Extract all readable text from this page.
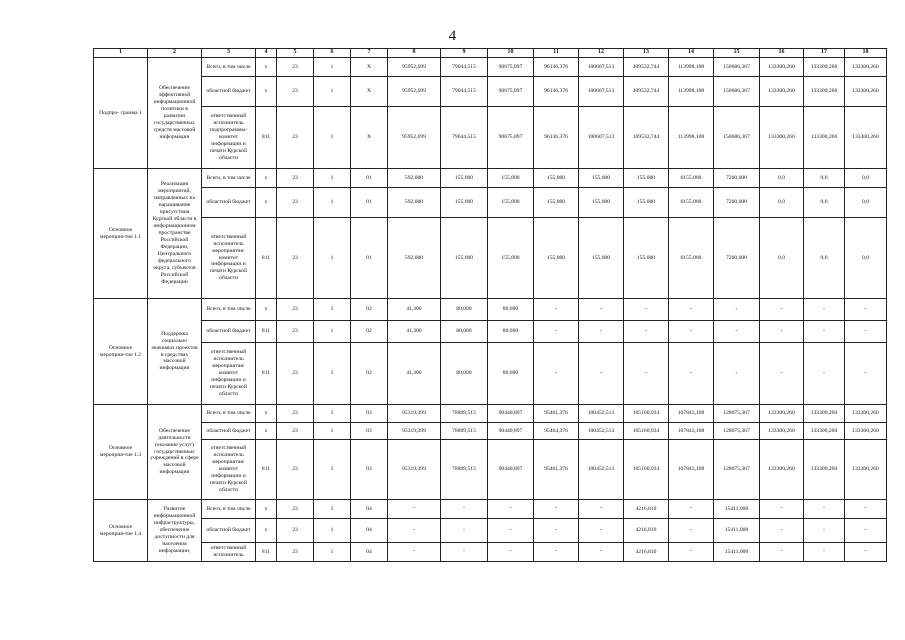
4
1	2	3	4	5	6	7	8	9	10	11	12	13	14	15	16	17	18
Подпро- грамма 1	Обеспечение эффективной информационной политики в развитии государственных средств массовой информации	Всего, в том числе	x	23	1	Х	95952,699	79044,515	90675,897	96136,376	100607,513	109532,744	113998,108	150686,367	133300,260	133300,260	133300,260
		областной бюджет	x	23	1	Х	95952,699	79044,515	90675,897	96136,376	100607,513	109532,744	113998,108	150686,367	133300,260	133300,260	133300,260
		ответственный исполнитель подпрограммы-комитет информации и печати Курской области	811	23	1	Х	95952,699	79044,515	90675,897	96136,376	100607,513	109532,744	113998,108	150686,367	133300,260	133300,260	133300,260
Основное мероприя-тие 1.1	Реализация мероприятий, направленных на наращивание присутствия Курской области в информационном пространстве Российской Федерации, Центрального федерального округа, субъектов Российской Федерации	Всего, в том числе	x	23	1	01	592,000	155,000	155,000	155,000	155,000	155,000	6155,000	7200,000	0,0	0,0	0,0
		областной бюджет	x	23	1	01	592,000	155,000	155,000	155,000	155,000	155,000	6155,000	7200,000	0,0	0,0	0,0
		ответственный исполнитель мероприятия-комитет информации и печати Курской области	811	23	1	01	592,000	155,000	155,000	155,000	155,000	155,000	6155,000	7200,000	0,0	0,0	0,0
Основное мероприя-тие 1.2	Поддержка социально значимых проектов в средствах массовой информации	Всего, в том числе	x	23	1	02	41,300	80,000	80,000	-	-	-	-	-	-	-	-
		областной бюджет	811	23	1	02	41,300	80,000	80,000	-	-	-	-	-	-	-	-
		ответственный исполнитель мероприятия-комитет информации и печати Курской области	811	23	1	02	41,300	80,000	80,000	-	-	-	-	-	-	-	-
Основное мероприя-тие 1.3	Обеспечение деятельности (оказание услуг) государственных учреждений в сфере массовой информации	Всего, в том числе	x	23	1	03	95319,399	78809,515	90440,897	95461,376	100452,513	105160,934	107843,108	128075,367	133300,260	133300,260	133300,260
		областной бюджет	x	23	1	03	95319,399	78809,515	90440,897	95464,376	100452,513	105160,934	107843,108	128075,367	133300,260	133300,260	133300,260
		ответственный исполнитель мероприятия-комитет информации и печати Курской области	811	23	1	03	95319,399	78809,515	90440,897	95461,376	100452,513	105160,934	107843,108	128075,367	133300,260	133300,260	133300,260
Основное мероприя-тие 1.4	Развитие информационной инфраструктуры, обеспечение доступности для населения информации,	Всего, в том числе	x	23	1	04	-	-	-	-	-	4216,810	-	15411,000	-	-	-
		областной бюджет	x	23	1	04	-	-	-	-	-	4216,810	-	15411,000	-	-	-
		ответственный исполнитель	811	23	1	04	-	-	-	-	-	4216,810	-	15411,000	-	-	-
